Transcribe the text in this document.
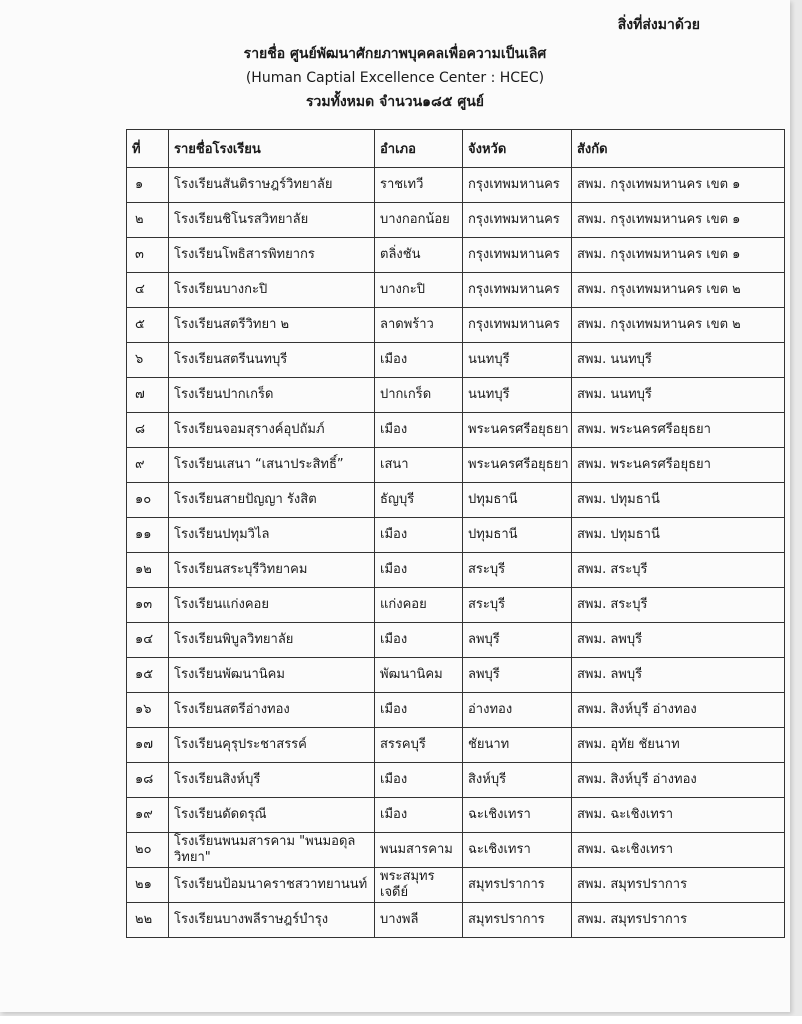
สิ่งที่ส่งมาด้วย
รายชื่อ ศูนย์พัฒนาศักยภาพบุคคลเพื่อความเป็นเลิศ
(Human Captial Excellence Center : HCEC)
รวมทั้งหมด จำนวน๑๘๕ ศูนย์
ที่	รายชื่อโรงเรียน	อำเภอ	จังหวัด	สังกัด
๑	โรงเรียนสันติราษฎร์วิทยาลัย	ราชเทวี	กรุงเทพมหานคร	สพม. กรุงเทพมหานคร เขต ๑
๒	โรงเรียนชิโนรสวิทยาลัย	บางกอกน้อย	กรุงเทพมหานคร	สพม. กรุงเทพมหานคร เขต ๑
๓	โรงเรียนโพธิสารพิทยากร	ตลิ่งชัน	กรุงเทพมหานคร	สพม. กรุงเทพมหานคร เขต ๑
๔	โรงเรียนบางกะปิ	บางกะปิ	กรุงเทพมหานคร	สพม. กรุงเทพมหานคร เขต ๒
๕	โรงเรียนสตรีวิทยา ๒	ลาดพร้าว	กรุงเทพมหานคร	สพม. กรุงเทพมหานคร เขต ๒
๖	โรงเรียนสตรีนนทบุรี	เมือง	นนทบุรี	สพม. นนทบุรี
๗	โรงเรียนปากเกร็ด	ปากเกร็ด	นนทบุรี	สพม. นนทบุรี
๘	โรงเรียนจอมสุรางค์อุปถัมภ์	เมือง	พระนครศรีอยุธยา	สพม. พระนครศรีอยุธยา
๙	โรงเรียนเสนา “เสนาประสิทธิ์”	เสนา	พระนครศรีอยุธยา	สพม. พระนครศรีอยุธยา
๑๐	โรงเรียนสายปัญญา รังสิต	ธัญบุรี	ปทุมธานี	สพม. ปทุมธานี
๑๑	โรงเรียนปทุมวิไล	เมือง	ปทุมธานี	สพม. ปทุมธานี
๑๒	โรงเรียนสระบุรีวิทยาคม	เมือง	สระบุรี	สพม. สระบุรี
๑๓	โรงเรียนแก่งคอย	แก่งคอย	สระบุรี	สพม. สระบุรี
๑๔	โรงเรียนพิบูลวิทยาลัย	เมือง	ลพบุรี	สพม. ลพบุรี
๑๕	โรงเรียนพัฒนานิคม	พัฒนานิคม	ลพบุรี	สพม. ลพบุรี
๑๖	โรงเรียนสตรีอ่างทอง	เมือง	อ่างทอง	สพม. สิงห์บุรี อ่างทอง
๑๗	โรงเรียนคุรุประชาสรรค์	สรรคบุรี	ชัยนาท	สพม. อุทัย ชัยนาท
๑๘	โรงเรียนสิงห์บุรี	เมือง	สิงห์บุรี	สพม. สิงห์บุรี อ่างทอง
๑๙	โรงเรียนดัดดรุณี	เมือง	ฉะเชิงเทรา	สพม. ฉะเชิงเทรา
๒๐	โรงเรียนพนมสารคาม "พนมอดุลวิทยา"	พนมสารคาม	ฉะเชิงเทรา	สพม. ฉะเชิงเทรา
๒๑	โรงเรียนป้อมนาคราชสวาทยานนท์	พระสมุทรเจดีย์	สมุทรปราการ	สพม. สมุทรปราการ
๒๒	โรงเรียนบางพลีราษฎร์บำรุง	บางพลี	สมุทรปราการ	สพม. สมุทรปราการ
